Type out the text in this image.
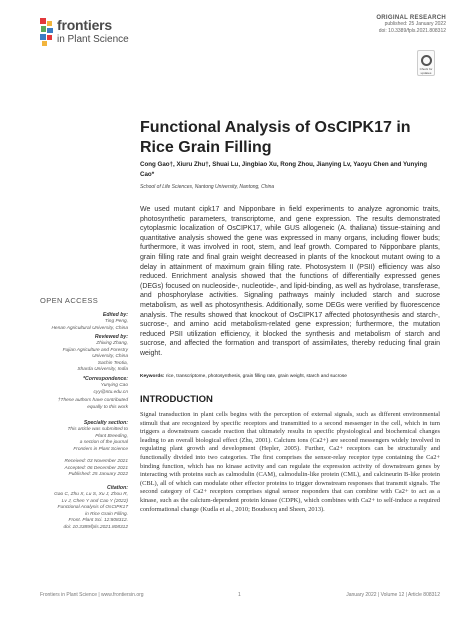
frontiers
in Plant Science
ORIGINAL RESEARCH
published: 25 January 2022
doi: 10.3389/fpls.2021.808312
Check for updates
Functional Analysis of OsCIPK17 in Rice Grain Filling
Cong Gao†, Xiuru Zhu†, Shuai Lu, Jingbiao Xu, Rong Zhou, Jianying Lv, Yaoyu Chen and Yunying Cao*
School of Life Sciences, Nantong University, Nantong, China
We used mutant cipk17 and Nipponbare in field experiments to analyze agronomic traits, photosynthetic parameters, transcriptome, and gene expression. The results demonstrated cytoplasmic localization of OsCIPK17, while GUS allogeneic (A. thaliana) tissue-staining and quantitative analysis showed the gene was expressed in many organs, including flower buds; furthermore, it was involved in root, stem, and leaf growth. Compared to Nipponbare plants, grain filling rate and final grain weight decreased in plants of the knockout mutant owing to a delay in attainment of maximum grain filling rate. Photosystem II (PSII) efficiency was also reduced. Enrichment analysis showed that the functions of differentially expressed genes (DEGs) focused on nucleoside-, nucleotide-, and lipid-binding, as well as hydrolase, transferase, and phosphorylase activities. Signaling pathways mainly included starch and sucrose metabolism, as well as photosynthesis. Additionally, some DEGs were verified by fluorescence analysis. The results showed that knockout of OsCIPK17 affected photosynthesis and starch-, sucrose-, and amino acid metabolism-related gene expression; furthermore, the mutation reduced PSII utilization efficiency, it blocked the synthesis and metabolism of starch and sucrose, and affected the formation and transport of assimilates, thereby reducing final grain weight.
Keywords: rice, transcriptome, photosynthesis, grain filling rate, grain weight, starch and sucrose
INTRODUCTION
Signal transduction in plant cells begins with the perception of external signals, such as different environmental stimuli that are recognized by specific receptors and transmitted to a second messenger in the cell, which in turn triggers a downstream cascade reaction that ultimately results in specific physiological and biochemical changes leading to an overall biological effect (Zhu, 2001). Calcium ions (Ca2+) are second messengers widely involved in regulating plant growth and development (Hepler, 2005). Further, Ca2+ receptors can be structurally and functionally divided into two categories. The first comprises the sensor-relay receptor type containing the Ca2+ binding function, which has no kinase activity and can regulate the expression activity of downstream genes by interacting with proteins such as calmodulin (CAM), calmodulin-like protein (CML), and calcineurin B-like protein (CBL), all of which can modulate other effector proteins to trigger downstream responses that transmit signals. The second category of Ca2+ receptors comprises signal sensor responders that can combine with Ca2+ to act as a kinase, such as the calcium-dependent protein kinase (CDPK), which combines with Ca2+ to self-induce a required conformational change (Kudla et al., 2010; Boudsocq and Sheen, 2013).
OPEN ACCESS
Edited by:
Ting Peng,
Henan Agricultural University, China
Reviewed by:
Zhixing Zhang,
Fujian Agriculture and Forestry
University, China
Sachin Teotia,
Sharda University, India
*Correspondence:
Yunying Cao
cyy@ntu.edu.cn
†These authors have contributed
equally to this work
Specialty section:
This article was submitted to
Plant Breeding,
a section of the journal
Frontiers in Plant Science
Received: 03 November 2021
Accepted: 06 December 2021
Published: 25 January 2022
Citation:
Gao C, Zhu X, Lu S, Xu J, Zhou R,
Lv J, Chen Y and Cao Y (2022)
Functional Analysis of OsCIPK17
in Rice Grain Filling.
Front. Plant Sci. 12:808312.
doi: 10.3389/fpls.2021.808312
Frontiers in Plant Science | www.frontiersin.org	1	January 2022 | Volume 12 | Article 808312
